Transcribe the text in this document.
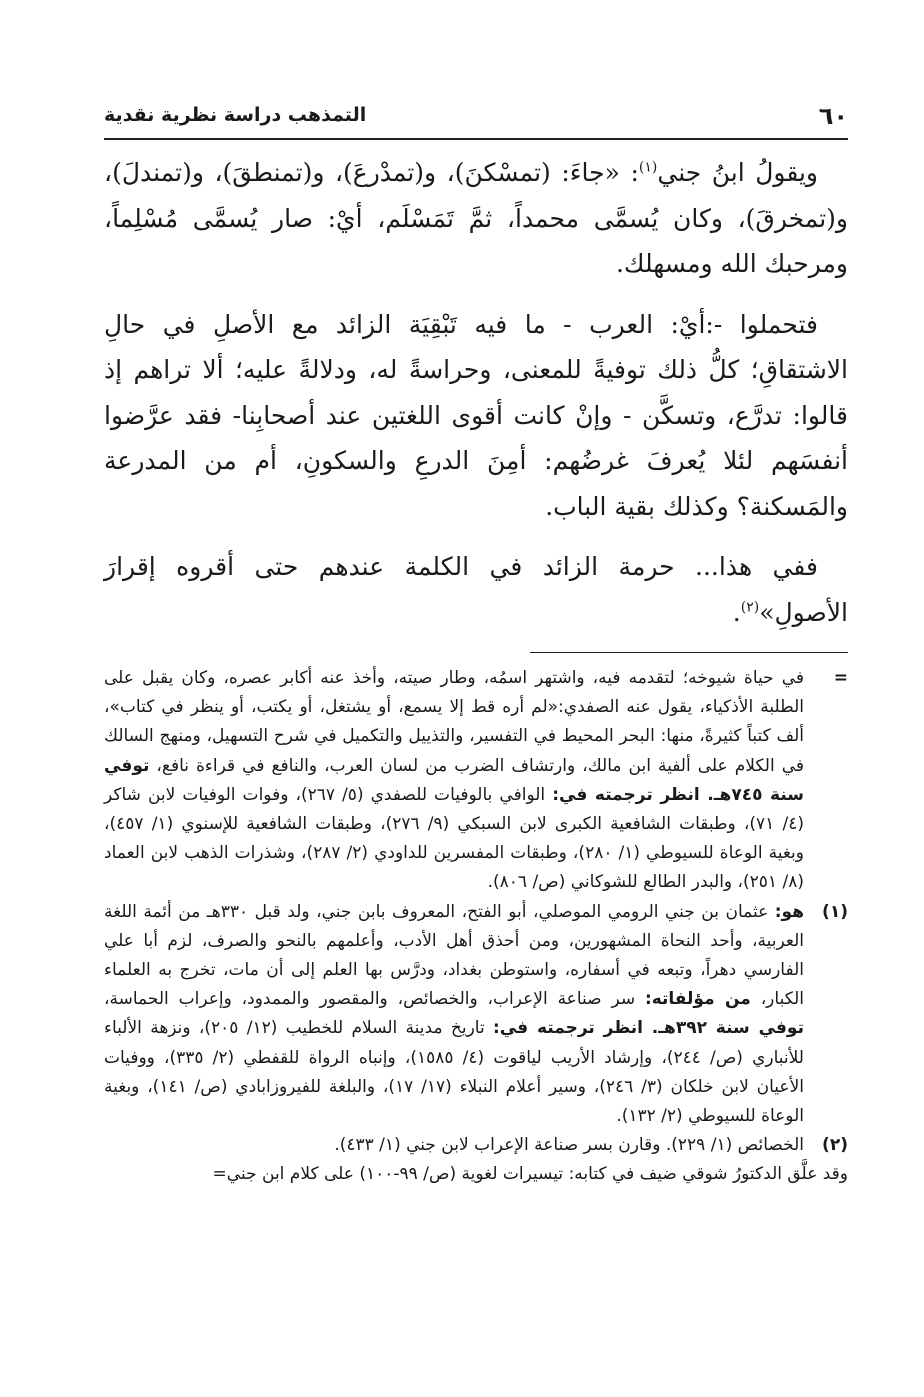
٦٠
التمذهب دراسة نظرية نقدية

ويقولُ ابنُ جني$^{(١)}$: «جاءَ: (تمسْكنَ)، و(تمدْرعَ)، و(تمنطقَ)، و(تمندلَ)، و(تمخرقَ)، وكان يُسمَّى محمداً، ثمَّ تَمَسْلَم، أيْ: صار يُسمَّى مُسْلِماً، ومرحبك الله ومسهلك.

فتحملوا -:أيْ: العرب - ما فيه تَبْقِيَة الزائد مع الأصلِ في حالِ الاشتقاقِ؛ كلُّ ذلك توفيةً للمعنى، وحراسةً له، ودلالةً عليه؛ ألا تراهم إذ قالوا: تدرَّع، وتسكَّن - وإنْ كانت أقوى اللغتين عند أصحابِنا- فقد عرَّضوا أنفسَهم لئلا يُعرفَ غرضُهم: أمِنَ الدرعِ والسكونِ، أم من المدرعة والمَسكنة؟ وكذلك بقية الباب.

ففي هذا... حرمة الزائد في الكلمة عندهم حتى أقروه إقرارَ الأصولِ»$^{(٢)}$.

=
في حياة شيوخه؛ لتقدمه فيه، واشتهر اسمُه، وطار صيته، وأخذ عنه أكابر عصره، وكان يقبل على الطلبة الأذكياء، يقول عنه الصفدي:«لم أره قط إلا يسمع، أو يشتغل، أو يكتب، أو ينظر في كتاب»، ألف كتباً كثيرةً، منها: البحر المحيط في التفسير، والتذييل والتكميل في شرح التسهيل، ومنهج السالك في الكلام على ألفية ابن مالك، وارتشاف الضرب من لسان العرب، والنافع في قراءة نافع، توفي سنة ٧٤٥هـ. انظر ترجمته في: الوافي بالوفيات للصفدي (٥/ ٢٦٧)، وفوات الوفيات لابن شاكر (٤/ ٧١)، وطبقات الشافعية الكبرى لابن السبكي (٩/ ٢٧٦)، وطبقات الشافعية للإسنوي (١/ ٤٥٧)، وبغية الوعاة للسيوطي (١/ ٢٨٠)، وطبقات المفسرين للداودي (٢/ ٢٨٧)، وشذرات الذهب لابن العماد (٨/ ٢٥١)، والبدر الطالع للشوكاني (ص/ ٨٠٦).
(١)
هو: عثمان بن جني الرومي الموصلي، أبو الفتح، المعروف بابن جني، ولد قبل ٣٣٠هـ من أئمة اللغة العربية، وأحد النحاة المشهورين، ومن أحذق أهل الأدب، وأعلمهم بالنحو والصرف، لزم أبا علي الفارسي دهراً، وتبعه في أسفاره، واستوطن بغداد، ودرَّس بها العلم إلى أن مات، تخرج به العلماء الكبار، من مؤلفاته: سر صناعة الإعراب، والخصائص، والمقصور والممدود، وإعراب الحماسة، توفي سنة ٣٩٢هـ. انظر ترجمته في: تاريخ مدينة السلام للخطيب (١٢/ ٢٠٥)، ونزهة الألباء للأنباري (ص/ ٢٤٤)، وإرشاد الأريب لياقوت (٤/ ١٥٨٥)، وإنباه الرواة للقفطي (٢/ ٣٣٥)، ووفيات الأعيان لابن خلكان (٣/ ٢٤٦)، وسير أعلام النبلاء (١٧/ ١٧)، والبلغة للفيروزابادي (ص/ ١٤١)، وبغية الوعاة للسيوطي (٢/ ١٣٢).
(٢)
الخصائص (١/ ٢٢٩). وقارن بسر صناعة الإعراب لابن جني (١/ ٤٣٣).

وقد علَّق الدكتورُ شوقي ضيف في كتابه: تيسيرات لغوية (ص/ ٩٩-١٠٠) على كلام ابن جني=
